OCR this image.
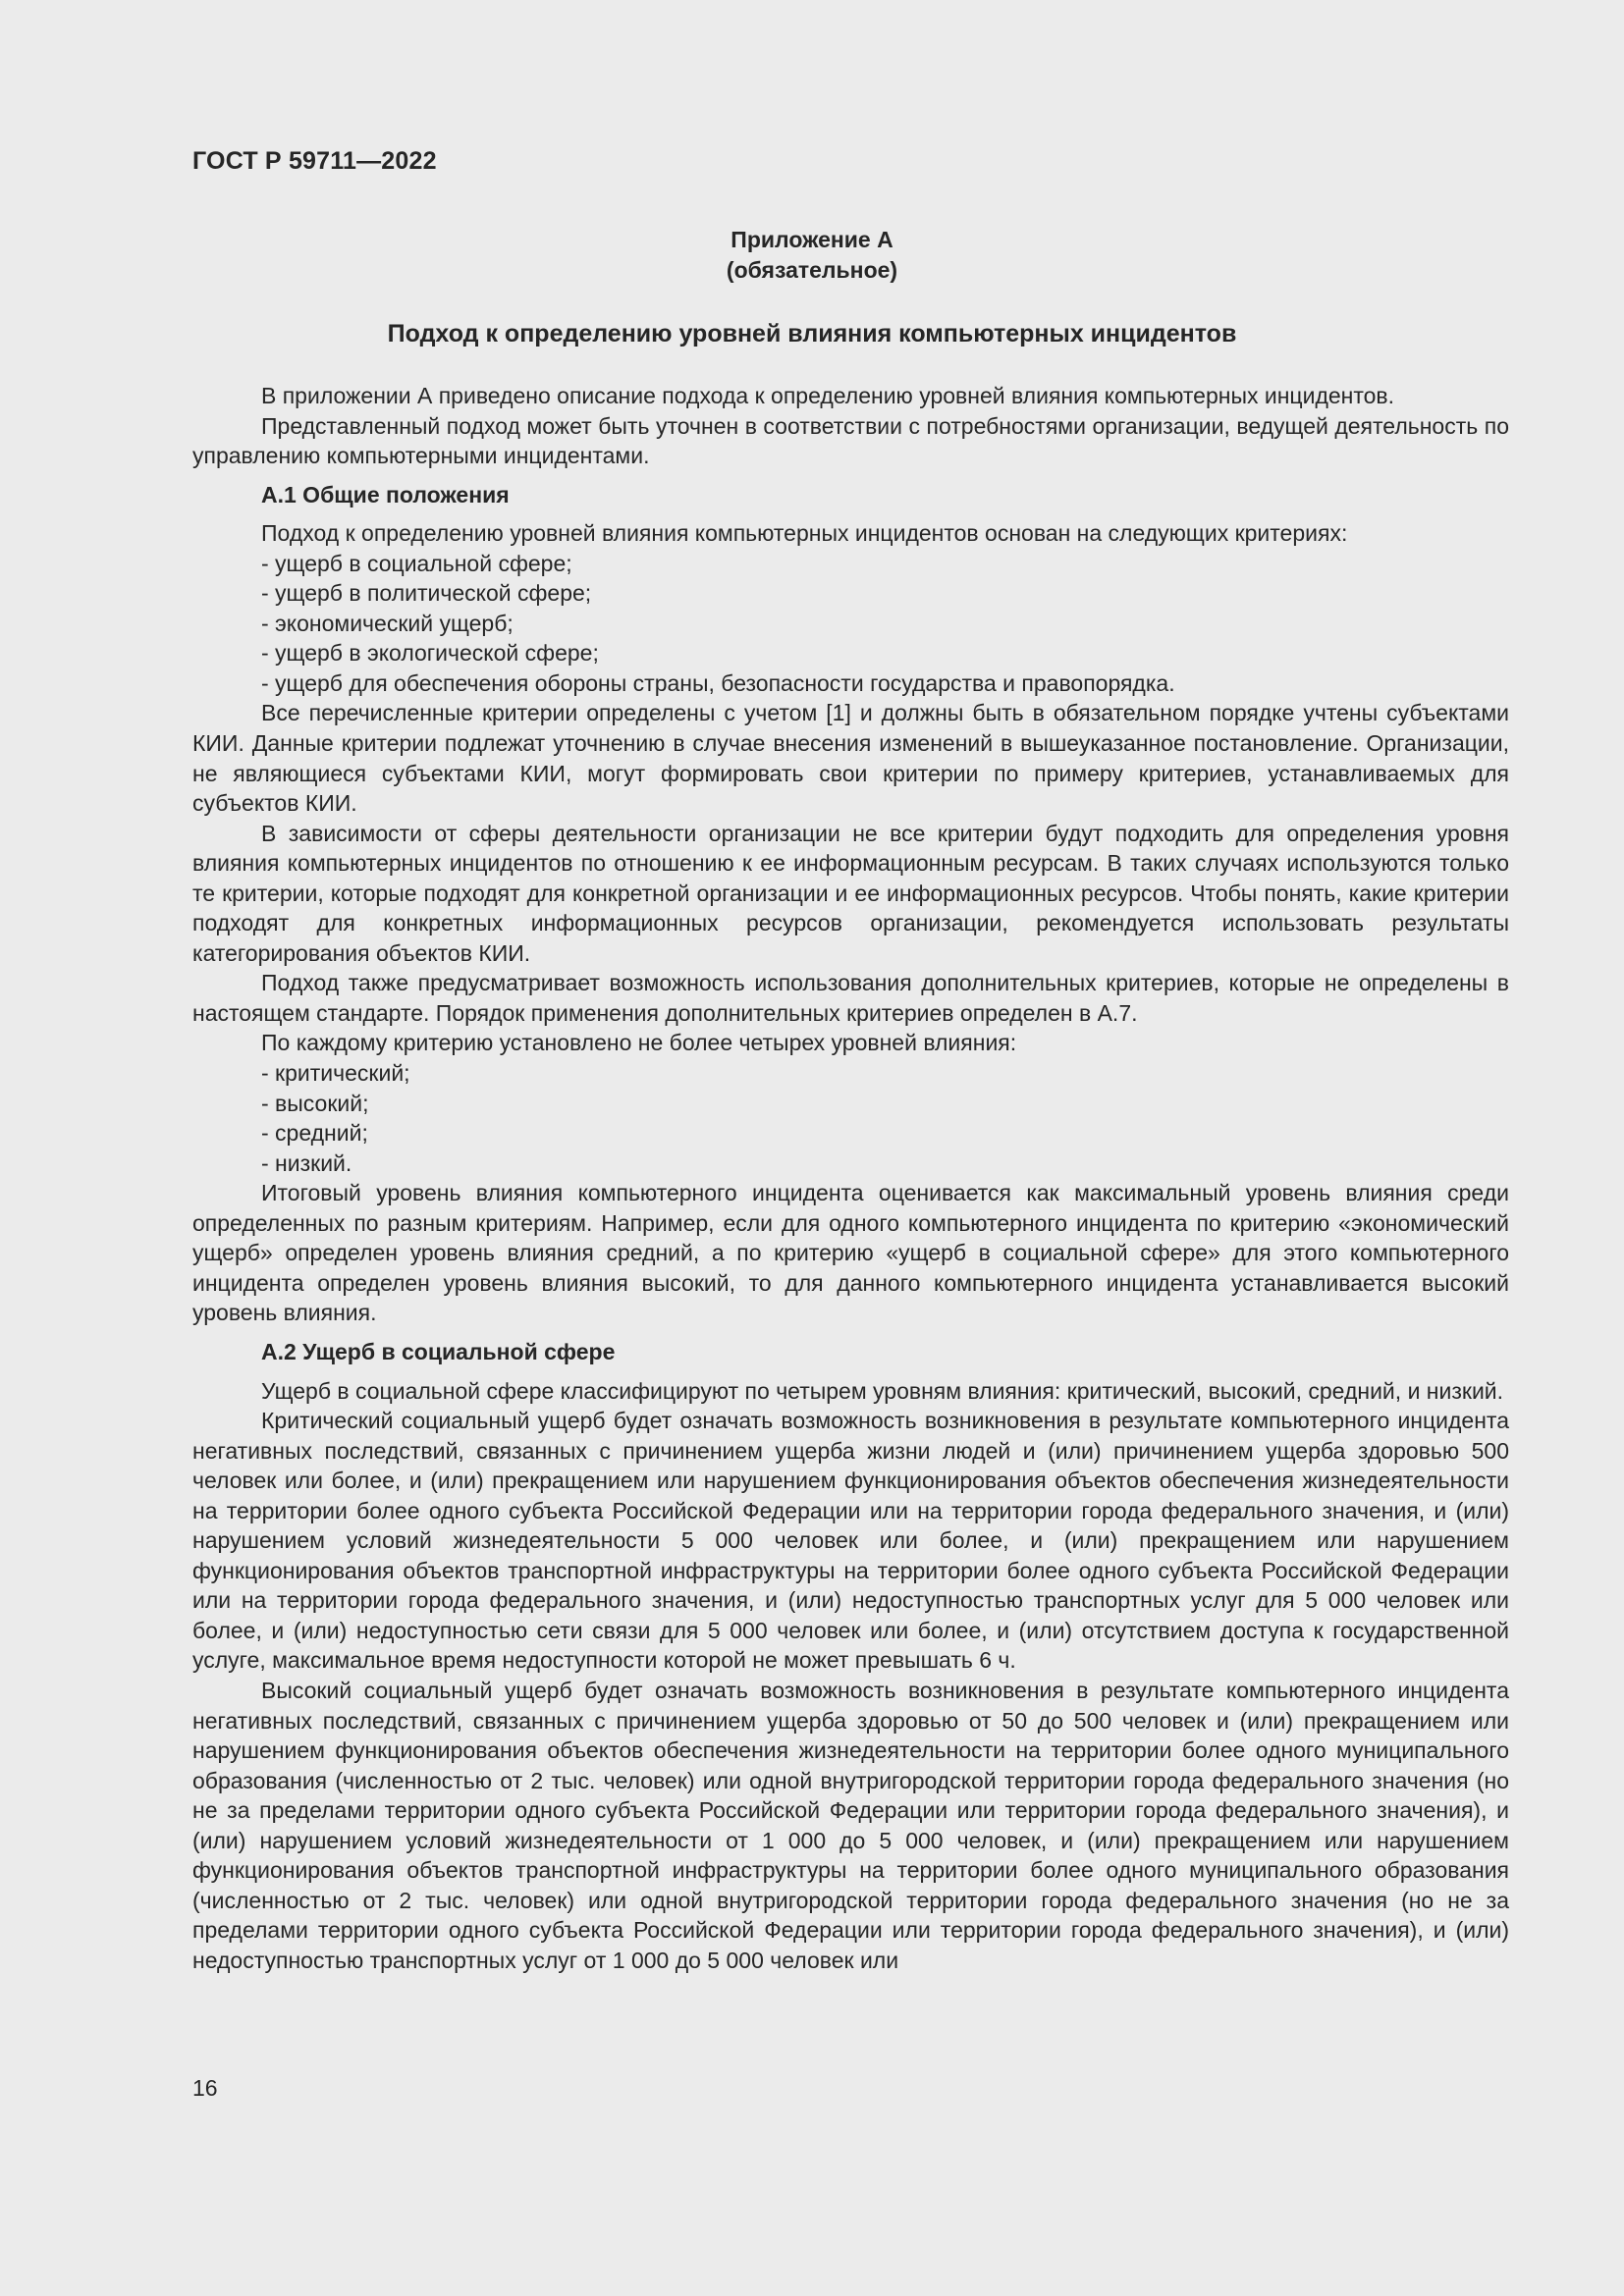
ГОСТ Р 59711—2022
Приложение А
(обязательное)
Подход к определению уровней влияния компьютерных инцидентов

В приложении А приведено описание подхода к определению уровней влияния компьютерных инцидентов.

Представленный подход может быть уточнен в соответствии с потребностями организации, ведущей деятельность по управлению компьютерными инцидентами.

А.1 Общие положения

Подход к определению уровней влияния компьютерных инцидентов основан на следующих критериях:

- ущерб в социальной сфере;

- ущерб в политической сфере;

- экономический ущерб;

- ущерб в экологической сфере;

- ущерб для обеспечения обороны страны, безопасности государства и правопорядка.

Все перечисленные критерии определены с учетом [1] и должны быть в обязательном порядке учтены субъектами КИИ. Данные критерии подлежат уточнению в случае внесения изменений в вышеуказанное постановление. Организации, не являющиеся субъектами КИИ, могут формировать свои критерии по примеру критериев, устанавливаемых для субъектов КИИ.

В зависимости от сферы деятельности организации не все критерии будут подходить для определения уровня влияния компьютерных инцидентов по отношению к ее информационным ресурсам. В таких случаях используются только те критерии, которые подходят для конкретной организации и ее информационных ресурсов. Чтобы понять, какие критерии подходят для конкретных информационных ресурсов организации, рекомендуется использовать результаты категорирования объектов КИИ.

Подход также предусматривает возможность использования дополнительных критериев, которые не определены в настоящем стандарте. Порядок применения дополнительных критериев определен в А.7.

По каждому критерию установлено не более четырех уровней влияния:

- критический;

- высокий;

- средний;

- низкий.

Итоговый уровень влияния компьютерного инцидента оценивается как максимальный уровень влияния среди определенных по разным критериям. Например, если для одного компьютерного инцидента по критерию «экономический ущерб» определен уровень влияния средний, а по критерию «ущерб в социальной сфере» для этого компьютерного инцидента определен уровень влияния высокий, то для данного компьютерного инцидента устанавливается высокий уровень влияния.

А.2 Ущерб в социальной сфере

Ущерб в социальной сфере классифицируют по четырем уровням влияния: критический, высокий, средний, и низкий.

Критический социальный ущерб будет означать возможность возникновения в результате компьютерного инцидента негативных последствий, связанных с причинением ущерба жизни людей и (или) причинением ущерба здоровью 500 человек или более, и (или) прекращением или нарушением функционирования объектов обеспечения жизнедеятельности на территории более одного субъекта Российской Федерации или на территории города федерального значения, и (или) нарушением условий жизнедеятельности 5 000 человек или более, и (или) прекращением или нарушением функционирования объектов транспортной инфраструктуры на территории более одного субъекта Российской Федерации или на территории города федерального значения, и (или) недоступностью транспортных услуг для 5 000 человек или более, и (или) недоступностью сети связи для 5 000 человек или более, и (или) отсутствием доступа к государственной услуге, максимальное время недоступности которой не может превышать 6 ч.

Высокий социальный ущерб будет означать возможность возникновения в результате компьютерного инцидента негативных последствий, связанных с причинением ущерба здоровью от 50 до 500 человек и (или) прекращением или нарушением функционирования объектов обеспечения жизнедеятельности на территории более одного муниципального образования (численностью от 2 тыс. человек) или одной внутригородской территории города федерального значения (но не за пределами территории одного субъекта Российской Федерации или территории города федерального значения), и (или) нарушением условий жизнедеятельности от 1 000 до 5 000 человек, и (или) прекращением или нарушением функционирования объектов транспортной инфраструктуры на территории более одного муниципального образования (численностью от 2 тыс. человек) или одной внутригородской территории города федерального значения (но не за пределами территории одного субъекта Российской Федерации или территории города федерального значения), и (или) недоступностью транспортных услуг от 1 000 до 5 000 человек или

16
